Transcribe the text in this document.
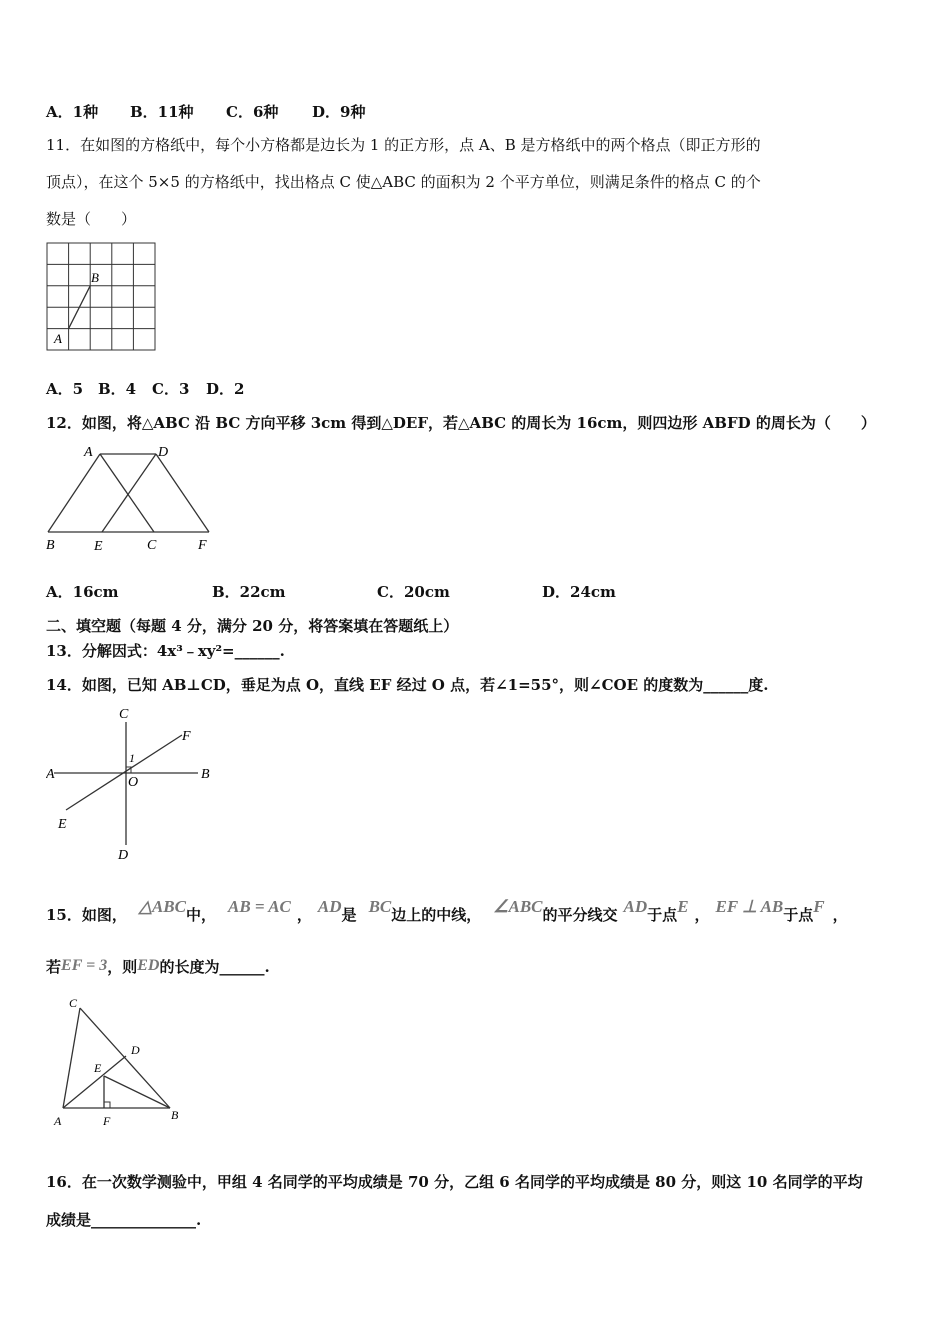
A．1种 B．11种 C．6种 D．9种
11．在如图的方格纸中，每个小方格都是边长为 1 的正方形，点 A、B 是方格纸中的两个格点（即正方形的
顶点），在这个 5×5 的方格纸中，找出格点 C 使△ABC 的面积为 2 个平方单位，则满足条件的格点 C 的个
数是（　　）
A
B
A．5 B．4 C．3 D．2
12．如图，将△ABC 沿 BC 方向平移 3cm 得到△DEF，若△ABC 的周长为 16cm，则四边形 ABFD 的周长为（　　）
A	D
B	E	C	F
A．16cm	B．22cm	C．20cm	D．24cm
二、填空题（每题 4 分，满分 20 分，将答案填在答题纸上）
13．分解因式：4x³﹣xy²=______.
14．如图，已知 AB⊥CD，垂足为点 O，直线 EF 经过 O 点，若∠1=55°，则∠COE 的度数为______度.
C
F
1
A
O
B
E
D
15．如图， △ABC中， AB = AC ， AD是 BC边上的中线， ∠ABC的平分线交 AD于点E ， EF ⊥ AB于点F ，
若EF = 3，则ED的长度为______.
C
D
E
A	F	B
16．在一次数学测验中，甲组 4 名同学的平均成绩是 70 分，乙组 6 名同学的平均成绩是 80 分，则这 10 名同学的平均
成绩是______________.
